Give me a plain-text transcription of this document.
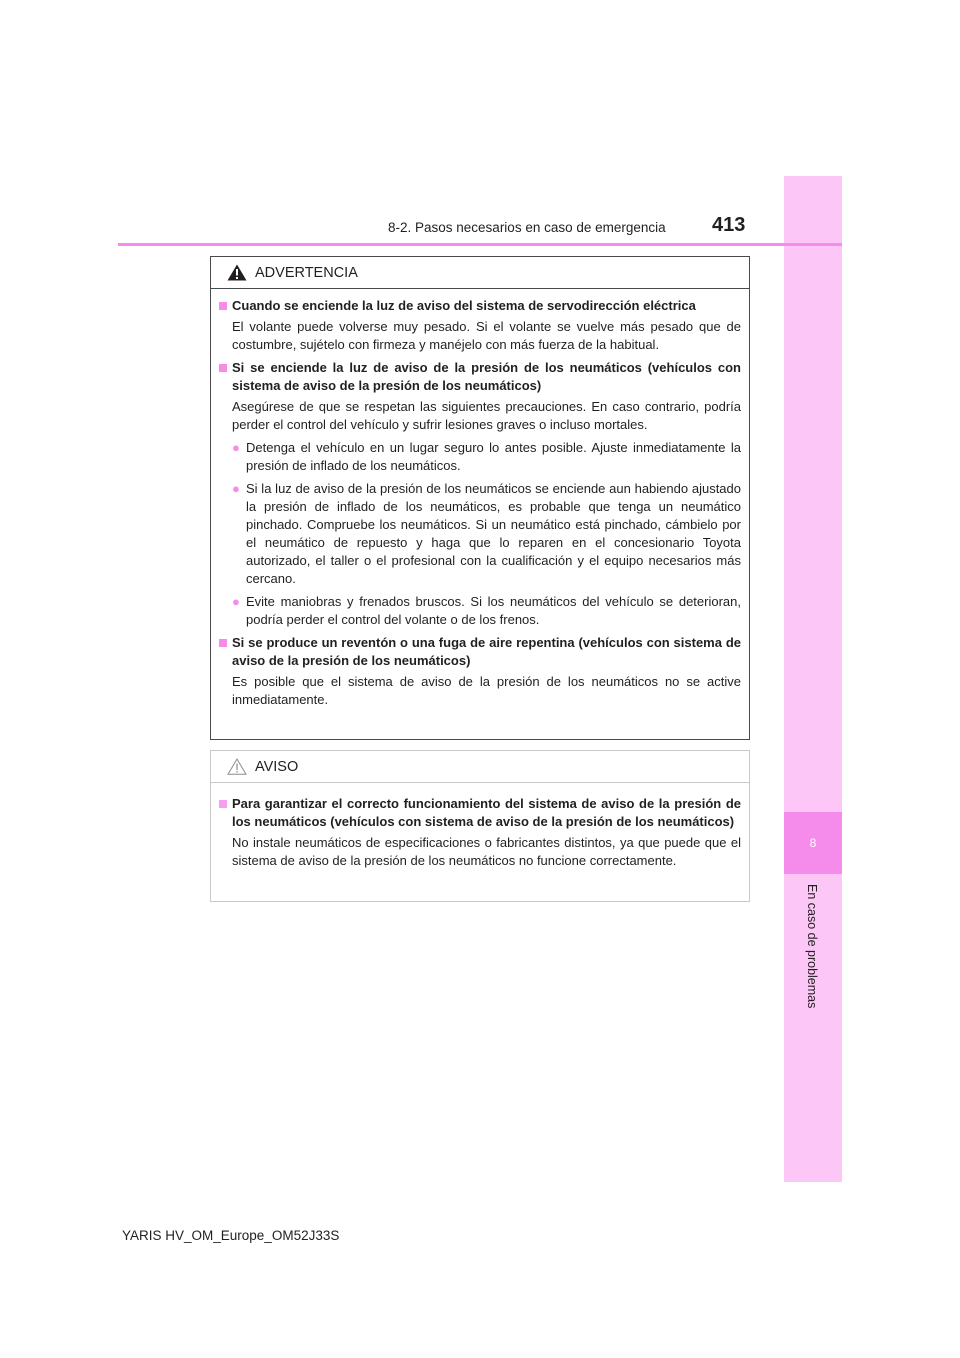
8
En caso de problemas
8-2. Pasos necesarios en caso de emergencia 413
ADVERTENCIA
Cuando se enciende la luz de aviso del sistema de servodirección eléctrica
El volante puede volverse muy pesado. Si el volante se vuelve más pesado que de costumbre, sujételo con firmeza y manéjelo con más fuerza de la habitual.
Si se enciende la luz de aviso de la presión de los neumáticos (vehículos con sistema de aviso de la presión de los neumáticos)
Asegúrese de que se respetan las siguientes precauciones. En caso contrario, podría perder el control del vehículo y sufrir lesiones graves o incluso mortales.
● Detenga el vehículo en un lugar seguro lo antes posible. Ajuste inmediatamente la presión de inflado de los neumáticos.
● Si la luz de aviso de la presión de los neumáticos se enciende aun habiendo ajustado la presión de inflado de los neumáticos, es probable que tenga un neumático pinchado. Compruebe los neumáticos. Si un neumático está pinchado, cámbielo por el neumático de repuesto y haga que lo reparen en el concesionario Toyota autorizado, el taller o el profesional con la cualificación y el equipo necesarios más cercano.
● Evite maniobras y frenados bruscos. Si los neumáticos del vehículo se deterioran, podría perder el control del volante o de los frenos.
Si se produce un reventón o una fuga de aire repentina (vehículos con sistema de aviso de la presión de los neumáticos)
Es posible que el sistema de aviso de la presión de los neumáticos no se active inmediatamente.
AVISO
Para garantizar el correcto funcionamiento del sistema de aviso de la presión de los neumáticos (vehículos con sistema de aviso de la presión de los neumáticos)
No instale neumáticos de especificaciones o fabricantes distintos, ya que puede que el sistema de aviso de la presión de los neumáticos no funcione correctamente.
YARIS HV_OM_Europe_OM52J33S
